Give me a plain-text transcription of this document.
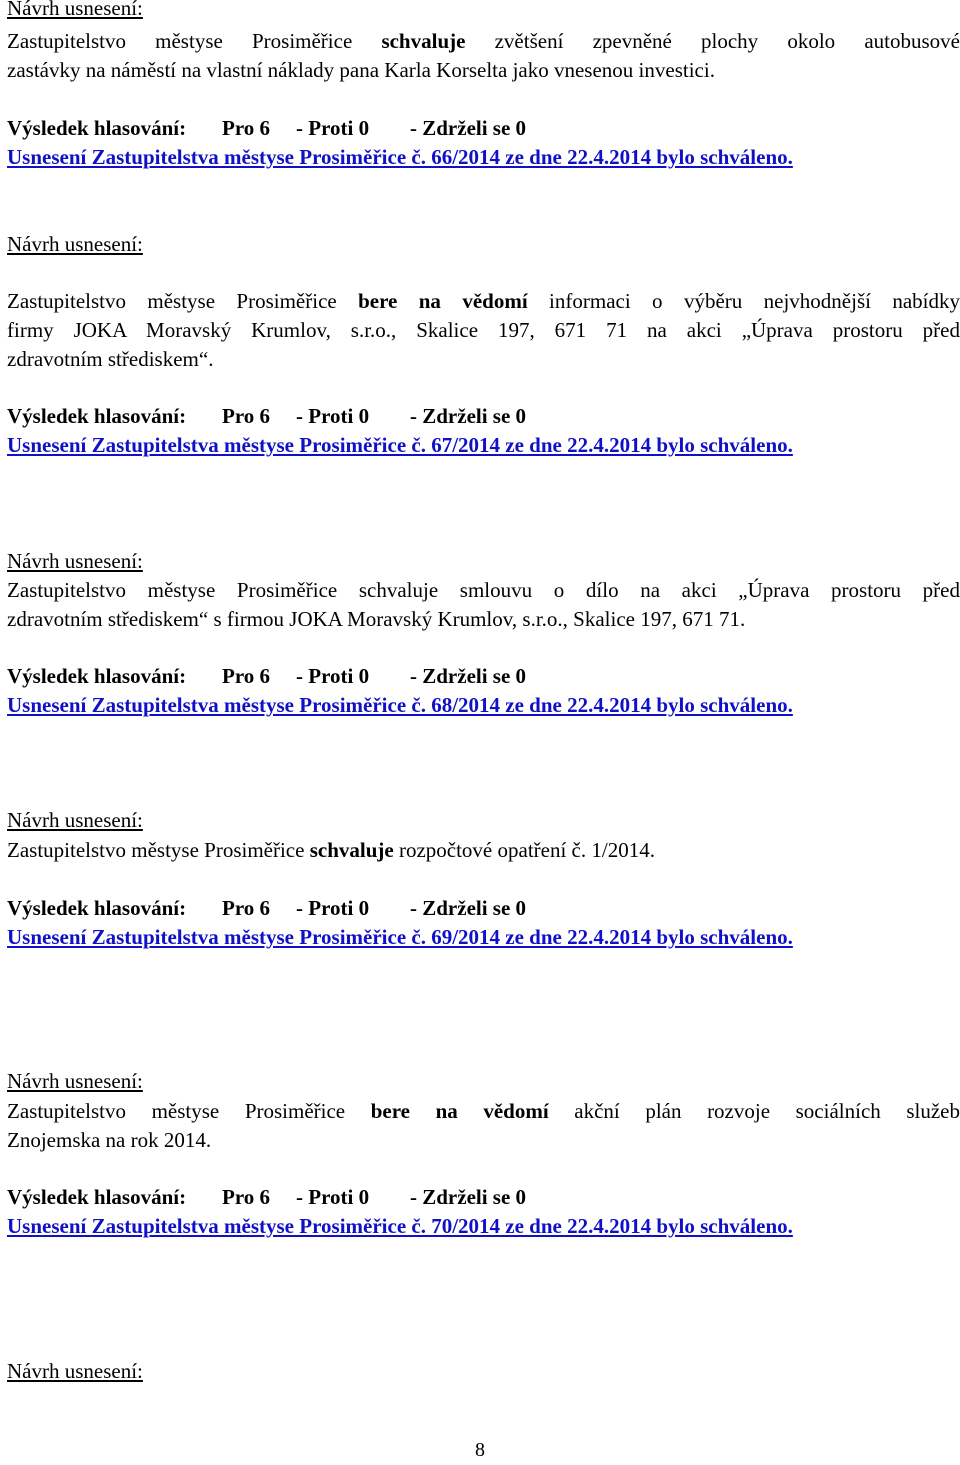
Návrh usnesení:
Zastupitelstvo městyse Prosiměřice schvaluje zvětšení zpevněné plochy okolo autobusové
zastávky na náměstí na vlastní náklady pana Karla Korselta jako vnesenou investici.
Výsledek hlasování: Pro 6 - Proti 0 - Zdrželi se 0
Usnesení Zastupitelstva městyse Prosiměřice č. 66/2014 ze dne 22.4.2014 bylo schváleno.
Návrh usnesení:
Zastupitelstvo městyse Prosiměřice bere na vědomí informaci o výběru nejvhodnější nabídky
firmy JOKA Moravský Krumlov, s.r.o., Skalice 197, 671 71 na akci „Úprava prostoru před
zdravotním střediskem“.
Výsledek hlasování: Pro 6 - Proti 0 - Zdrželi se 0
Usnesení Zastupitelstva městyse Prosiměřice č. 67/2014 ze dne 22.4.2014 bylo schváleno.
Návrh usnesení:
Zastupitelstvo městyse Prosiměřice schvaluje smlouvu o dílo na akci „Úprava prostoru před
zdravotním středisk​em“ s firmou JOKA Moravský Krumlov, s.r.o., Skalice 197, 671 71.
Výsledek hlasování: Pro 6 - Proti 0 - Zdrželi se 0
Usnesení Zastupitelstva městyse Prosiměřice č. 68/2014 ze dne 22.4.2014 bylo schváleno.
Návrh usnesení:
Zastupitelstvo městyse Prosiměřice schvaluje rozpočtové opatření č. 1/2014.
Výsledek hlasování: Pro 6 - Proti 0 - Zdrželi se 0
Usnesení Zastupitelstva městyse Prosiměřice č. 69/2014 ze dne 22.4.2014 bylo schváleno.
Návrh usnesení:
Zastupitelstvo městyse Prosiměřice bere na vědomí akční plán rozvoje sociálních služeb
Znojemska na rok 2014.
Výsledek hlasování: Pro 6 - Proti 0 - Zdrželi se 0
Usnesení Zastupitelstva městyse Prosiměřice č. 70/2014 ze dne 22.4.2014 bylo schváleno.
Návrh usnesení:
8
